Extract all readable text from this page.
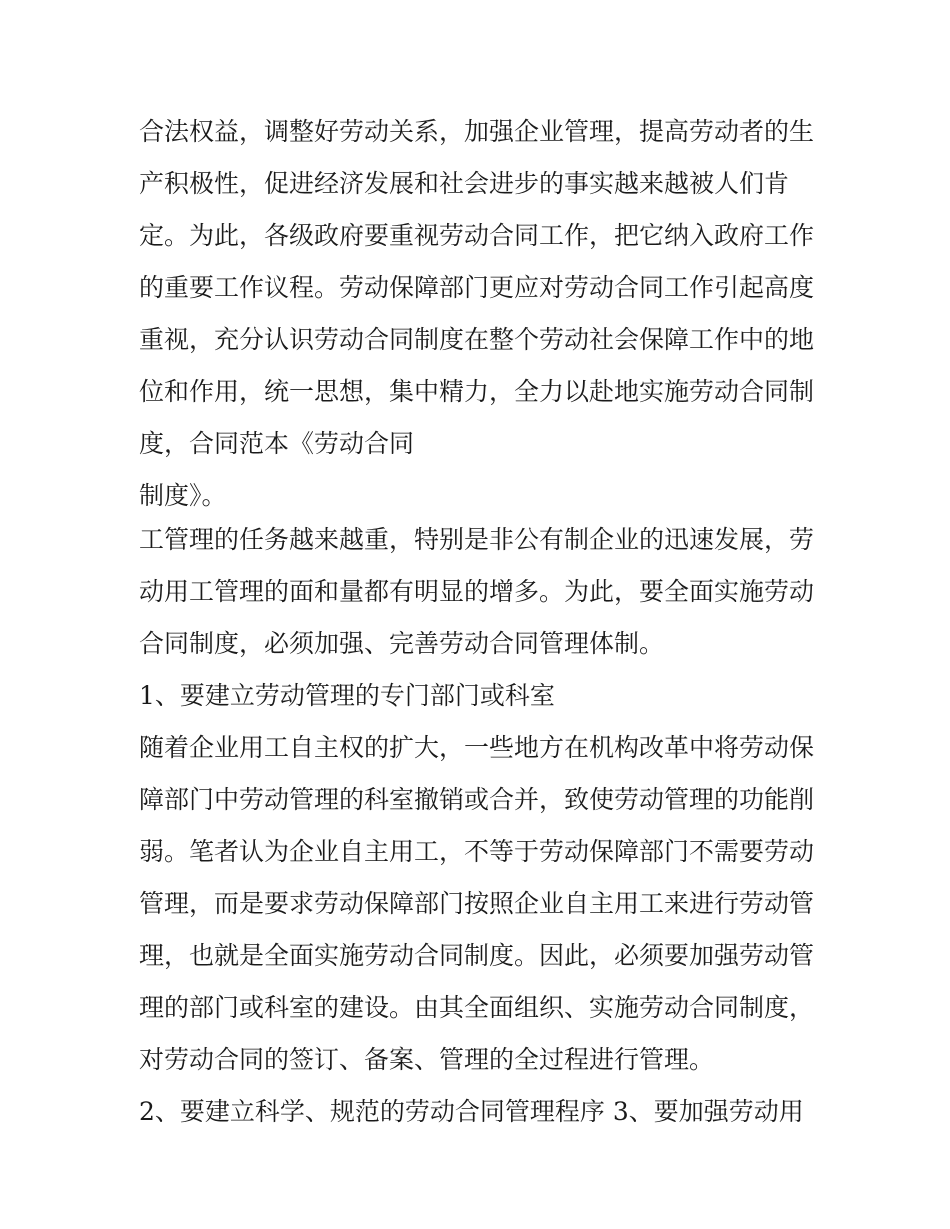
合法权益，调整好劳动关系，加强企业管理，提高劳动者的生
产积极性，促进经济发展和社会进步的事实越来越被人们肯
定。为此，各级政府要重视劳动合同工作，把它纳入政府工作
的重要工作议程。劳动保障部门更应对劳动合同工作引起高度
重视，充分认识劳动合同制度在整个劳动社会保障工作中的地
位和作用，统一思想，集中精力，全力以赴地实施劳动合同制
度，合同范本《劳动合同
制度》。
工管理的任务越来越重，特别是非公有制企业的迅速发展，劳
动用工管理的面和量都有明显的增多。为此，要全面实施劳动
合同制度，必须加强、完善劳动合同管理体制。
1、要建立劳动管理的专门部门或科室
随着企业用工自主权的扩大，一些地方在机构改革中将劳动保
障部门中劳动管理的科室撤销或合并，致使劳动管理的功能削
弱。笔者认为企业自主用工，不等于劳动保障部门不需要劳动
管理，而是要求劳动保障部门按照企业自主用工来进行劳动管
理，也就是全面实施劳动合同制度。因此，必须要加强劳动管
理的部门或科室的建设。由其全面组织、实施劳动合同制度，
对劳动合同的签订、备案、管理的全过程进行管理。
2、要建立科学、规范的劳动合同管理程序 3、要加强劳动用
